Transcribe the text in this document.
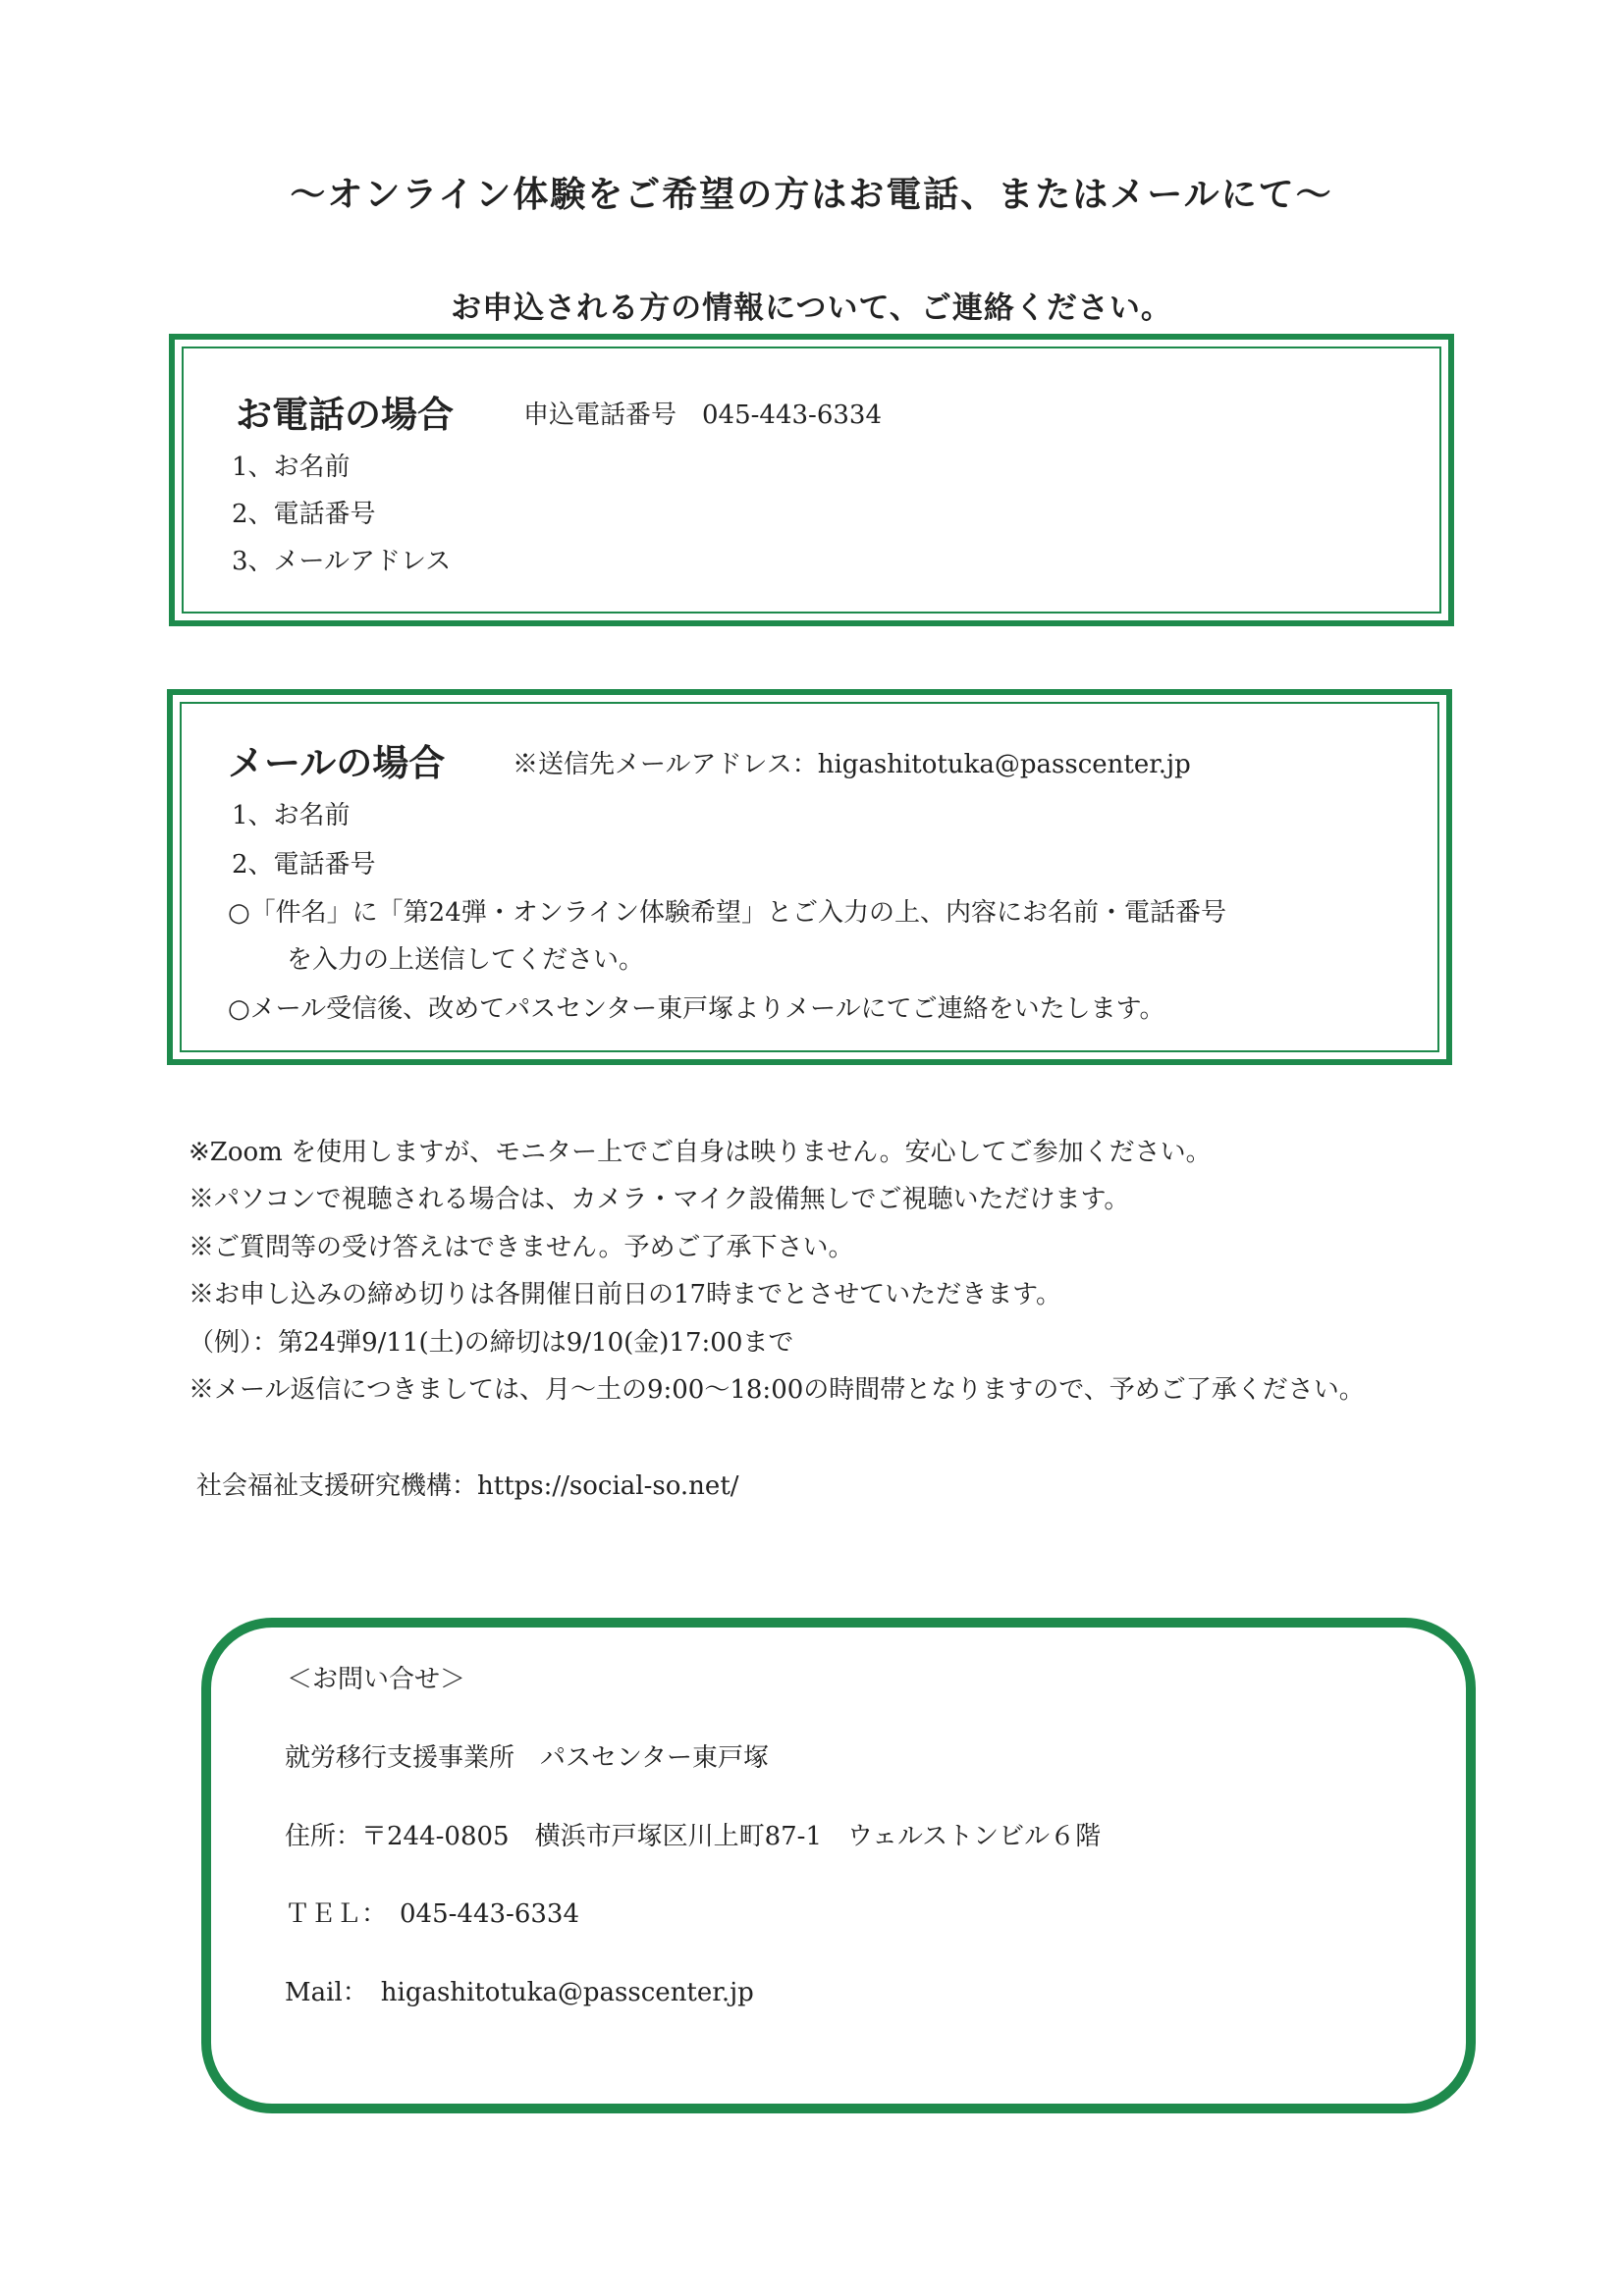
～オンライン体験をご希望の方はお電話、またはメールにて～
お申込される方の情報について、ご連絡ください。
お電話の場合	申込電話番号　045-443-6334
1、お名前
2、電話番号
3、メールアドレス
メールの場合	※送信先メールアドレス：higashitotuka@passcenter.jp
1、お名前
2、電話番号
○「件名」に「第24弾・オンライン体験希望」とご入力の上、内容にお名前・電話番号
を入力の上送信してください。
○メール受信後、改めてパスセンター東戸塚よりメールにてご連絡をいたします。
※Zoom を使用しますが、モニター上でご自身は映りません。安心してご参加ください。
※パソコンで視聴される場合は、カメラ・マイク設備無しでご視聴いただけます。
※ご質問等の受け答えはできません。予めご了承下さい。
※お申し込みの締め切りは各開催日前日の17時までとさせていただきます。
（例）：第24弾9/11(土)の締切は9/10(金)17:00まで
※メール返信につきましては、月～土の9:00～18:00の時間帯となりますので、予めご了承ください。
社会福祉支援研究機構：https://social-so.net/
＜お問い合せ＞
就労移行支援事業所　パスセンター東戸塚
住所：〒244-0805　横浜市戸塚区川上町87-1　ウェルストンビル６階
ＴＥＬ：　045-443-6334
Mail：　higashitotuka@passcenter.jp
